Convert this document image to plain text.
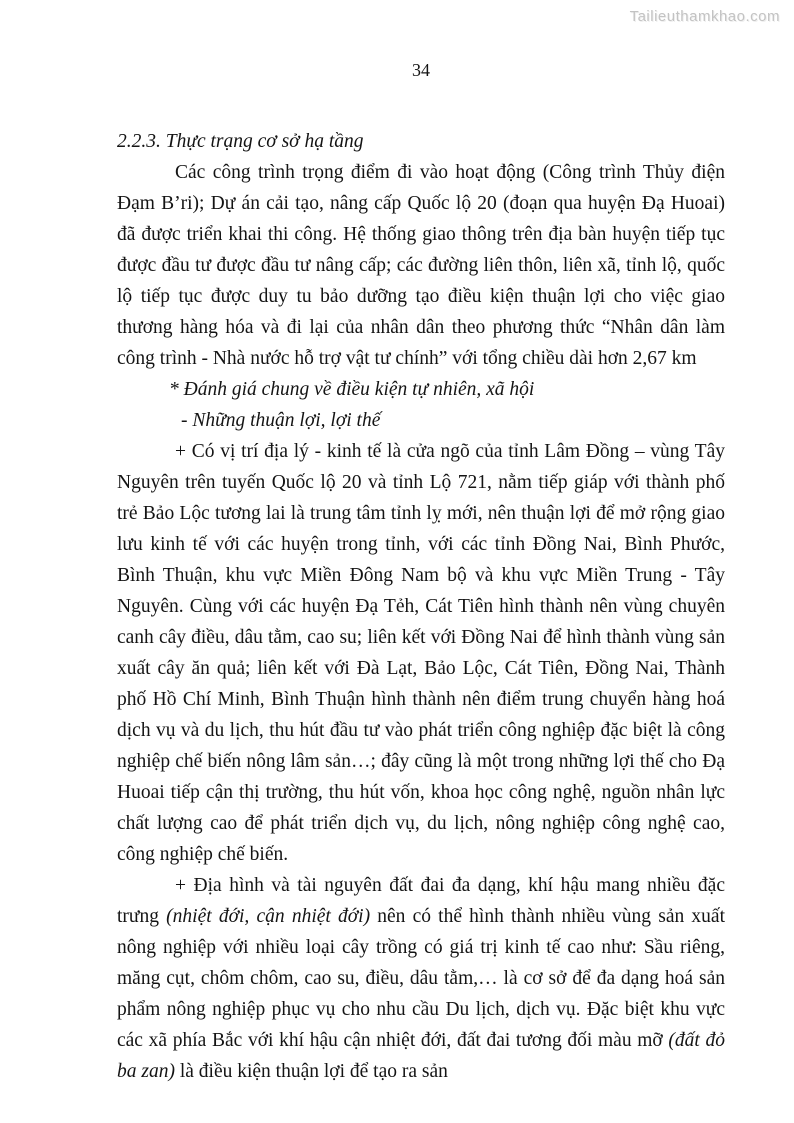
Tailieuthamkhao.com
34
2.2.3. Thực trạng cơ sở hạ tầng

Các công trình trọng điểm đi vào hoạt động (Công trình Thủy điện Đạm B’ri); Dự án cải tạo, nâng cấp Quốc lộ 20 (đoạn qua huyện Đạ Huoai) đã được triển khai thi công. Hệ thống giao thông trên địa bàn huyện tiếp tục được đầu tư được đầu tư nâng cấp; các đường liên thôn, liên xã, tỉnh lộ, quốc lộ tiếp tục được duy tu bảo dưỡng tạo điều kiện thuận lợi cho việc giao thương hàng hóa và đi lại của nhân dân theo phương thức “Nhân dân làm công trình - Nhà nước hỗ trợ vật tư chính” với tổng chiều dài hơn 2,67 km

* Đánh giá chung về điều kiện tự nhiên, xã hội
- Những thuận lợi, lợi thế

+ Có vị trí địa lý - kinh tế là cửa ngõ của tỉnh Lâm Đồng – vùng Tây Nguyên trên tuyến Quốc lộ 20 và tỉnh Lộ 721, nằm tiếp giáp với thành phố trẻ Bảo Lộc tương lai là trung tâm tỉnh lỵ mới, nên thuận lợi để mở rộng giao lưu kinh tế với các huyện trong tỉnh, với các tỉnh Đồng Nai, Bình Phước, Bình Thuận, khu vực Miền Đông Nam bộ và khu vực Miền Trung - Tây Nguyên. Cùng với các huyện Đạ Tẻh, Cát Tiên hình thành nên vùng chuyên canh cây điều, dâu tằm, cao su; liên kết với Đồng Nai để hình thành vùng sản xuất cây ăn quả; liên kết với Đà Lạt, Bảo Lộc, Cát Tiên, Đồng Nai, Thành phố Hồ Chí Minh, Bình Thuận hình thành nên điểm trung chuyển hàng hoá dịch vụ và du lịch, thu hút đầu tư vào phát triển công nghiệp đặc biệt là công nghiệp chế biến nông lâm sản…; đây cũng là một trong những lợi thế cho Đạ Huoai tiếp cận thị trường, thu hút vốn, khoa học công nghệ, nguồn nhân lực chất lượng cao để phát triển dịch vụ, du lịch, nông nghiệp công nghệ cao, công nghiệp chế biến.

+ Địa hình và tài nguyên đất đai đa dạng, khí hậu mang nhiều đặc trưng (nhiệt đới, cận nhiệt đới) nên có thể hình thành nhiều vùng sản xuất nông nghiệp với nhiều loại cây trồng có giá trị kinh tế cao như: Sầu riêng, măng cụt, chôm chôm, cao su, điều, dâu tằm,… là cơ sở để đa dạng hoá sản phẩm nông nghiệp phục vụ cho nhu cầu Du lịch, dịch vụ. Đặc biệt khu vực các xã phía Bắc với khí hậu cận nhiệt đới, đất đai tương đối màu mỡ (đất đỏ ba zan) là điều kiện thuận lợi để tạo ra sản
